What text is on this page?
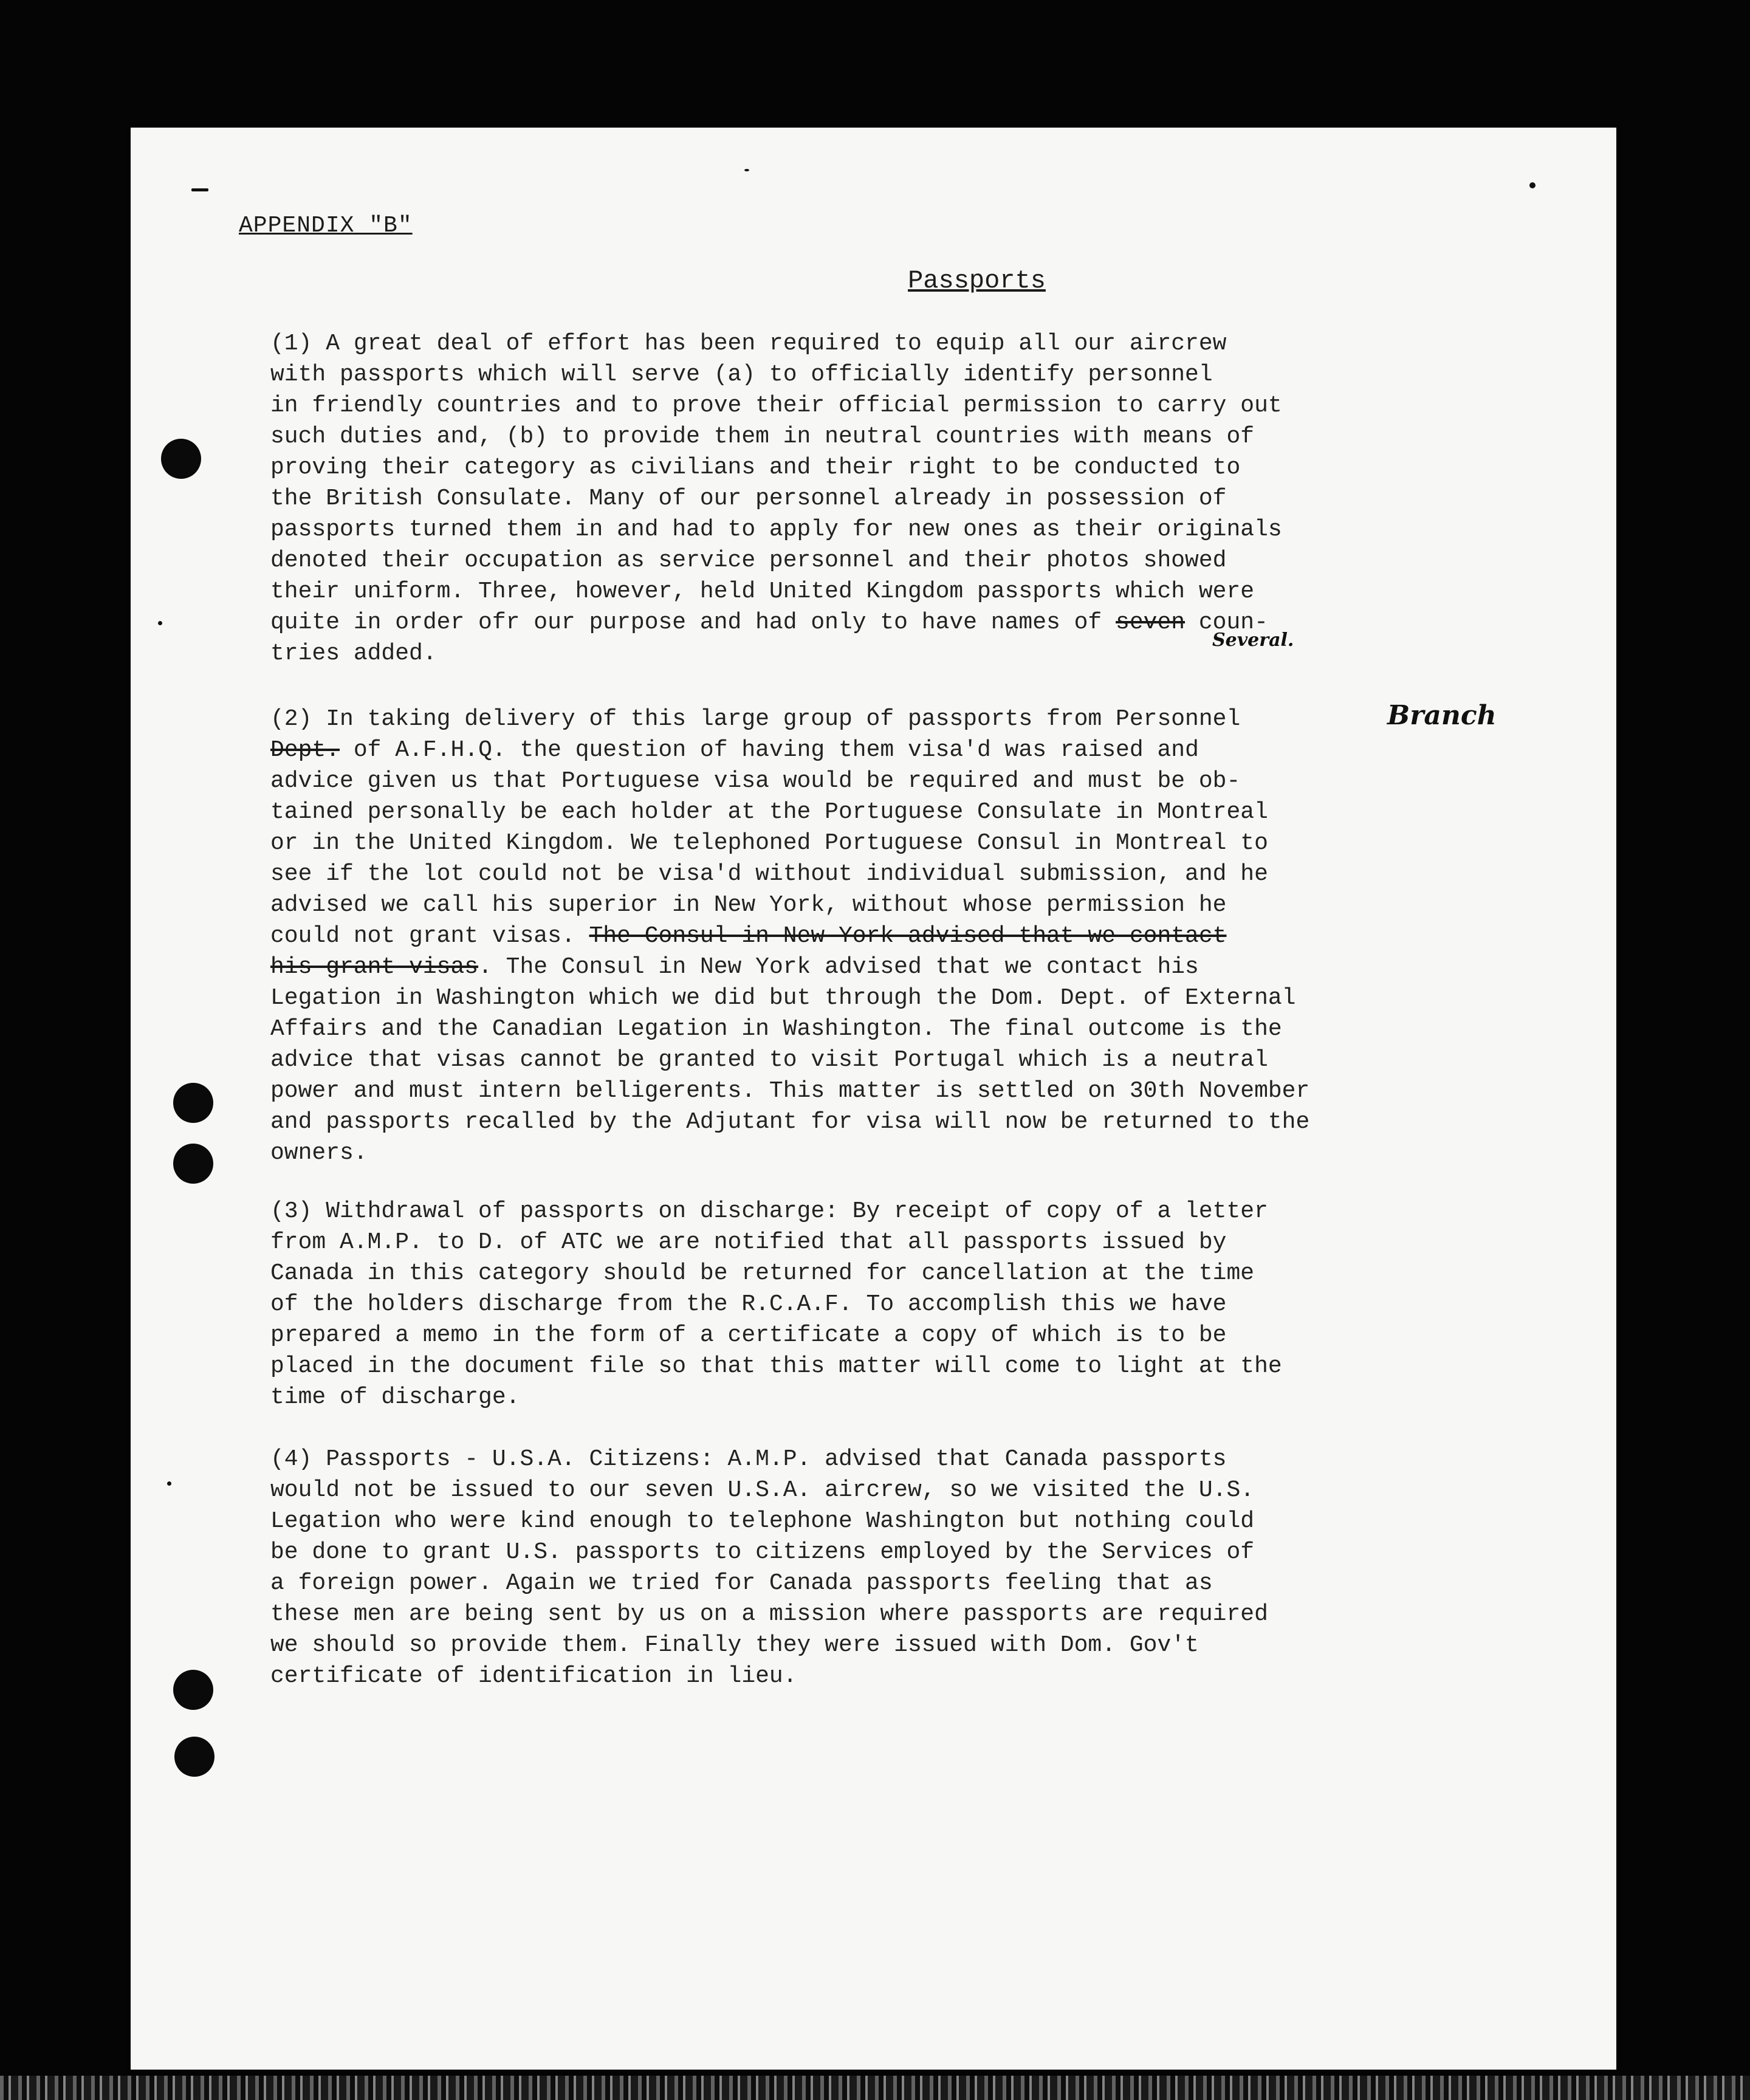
APPENDIX "B"
Passports
(1) A great deal of effort has been required to equip all our aircrew
with passports which will serve (a) to officially identify personnel
in friendly countries and to prove their official permission to carry out
such duties and, (b) to provide them in neutral countries with means of
proving their category as civilians and their right to be conducted to
the British Consulate. Many of our personnel already in possession of
passports turned them in and had to apply for new ones as their originals
denoted their occupation as service personnel and their photos showed
their uniform. Three, however, held United Kingdom passports which were
quite in order ofr our purpose and had only to have names of seven coun-
tries added.
Several.
(2) In taking delivery of this large group of passports from Personnel
Dept. of A.F.H.Q. the question of having them visa'd was raised and
advice given us that Portuguese visa would be required and must be ob-
tained personally be each holder at the Portuguese Consulate in Montreal
or in the United Kingdom. We telephoned Portuguese Consul in Montreal to
see if the lot could not be visa'd without individual submission, and he
advised we call his superior in New York, without whose permission he
could not grant visas. The Consul in New York advised that we contact
his grant visas. The Consul in New York advised that we contact his
Legation in Washington which we did but through the Dom. Dept. of External
Affairs and the Canadian Legation in Washington. The final outcome is the
advice that visas cannot be granted to visit Portugal which is a neutral
power and must intern belligerents. This matter is settled on 30th November
and passports recalled by the Adjutant for visa will now be returned to the
owners.
Branch
(3) Withdrawal of passports on discharge: By receipt of copy of a letter
from A.M.P. to D. of ATC we are notified that all passports issued by
Canada in this category should be returned for cancellation at the time
of the holders discharge from the R.C.A.F. To accomplish this we have
prepared a memo in the form of a certificate a copy of which is to be
placed in the document file so that this matter will come to light at the
time of discharge.
(4) Passports - U.S.A. Citizens: A.M.P. advised that Canada passports
would not be issued to our seven U.S.A. aircrew, so we visited the U.S.
Legation who were kind enough to telephone Washington but nothing could
be done to grant U.S. passports to citizens employed by the Services of
a foreign power. Again we tried for Canada passports feeling that as
these men are being sent by us on a mission where passports are required
we should so provide them. Finally they were issued with Dom. Gov't
certificate of identification in lieu.
